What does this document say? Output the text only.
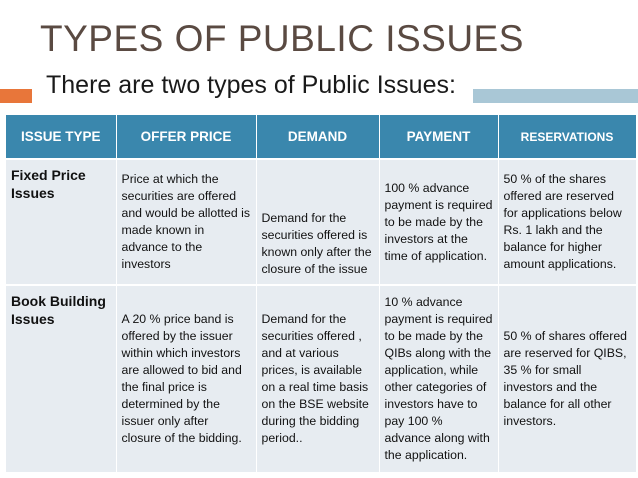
TYPES OF PUBLIC ISSUES
□ There are two types of Public Issues:
ISSUE TYPE	OFFER PRICE	DEMAND	PAYMENT	RESERVATIONS
Fixed Price Issues	Price at which the securities are offered and would be allotted is made known in advance to the investors	Demand for the securities offered is known only after the closure of the issue	100 % advance payment is required to be made by the investors at the time of application.	50 % of the shares offered are reserved for applications below Rs. 1 lakh and the balance for higher amount applications.
Book Building Issues	A 20 % price band is offered by the issuer within which investors are allowed to bid and the final price is determined by the issuer only after closure of the bidding.	Demand for the securities offered , and at various prices, is available on a real time basis on the BSE website during the bidding period..	10 % advance payment is required to be made by the QIBs along with the application, while other categories of investors have to pay 100 % advance along with the application.	50 % of shares offered are reserved for QIBS, 35 % for small investors and the balance for all other investors.
